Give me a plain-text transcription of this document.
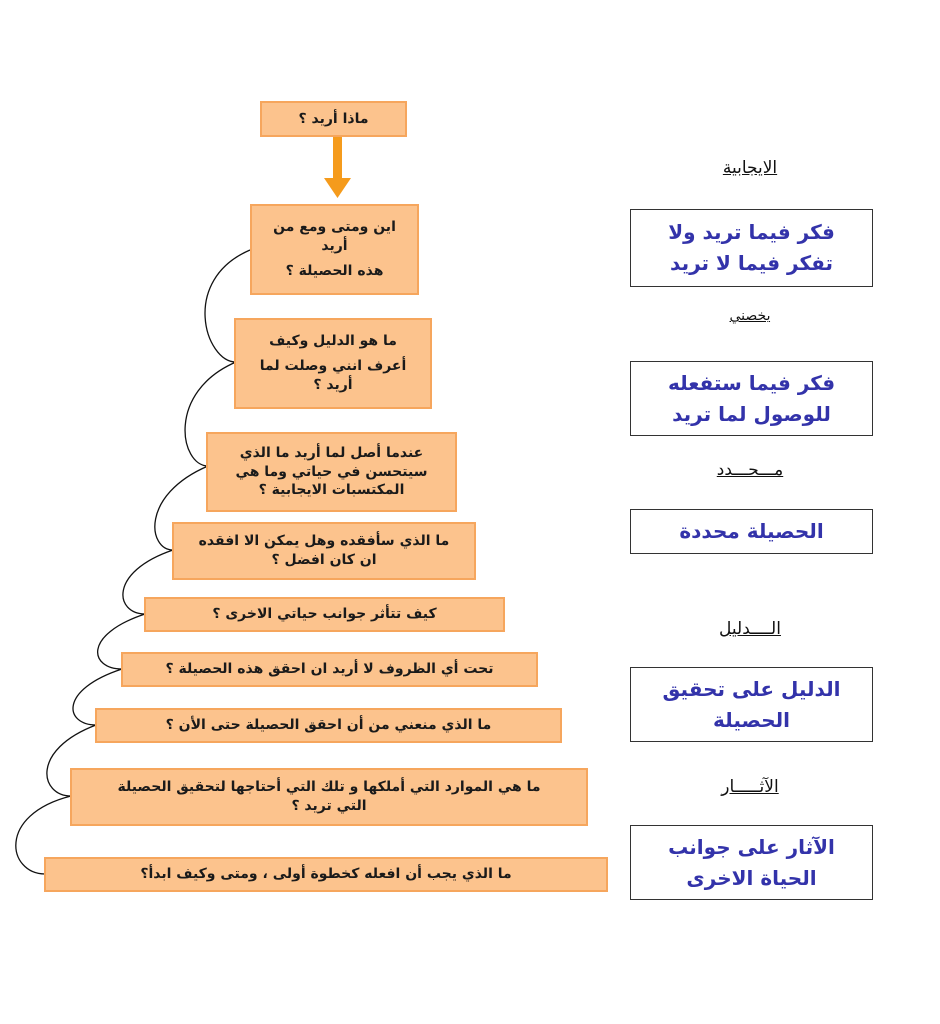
ماذا أريد ؟
اين ومتى ومع من
أريد
هذه الحصيلة ؟
ما هو الدليل وكيف
أعرف انني وصلت لما
أريد ؟
عندما أصل لما أريد ما الذي
سيتحسن في حياتي وما هي
المكتسبات الايجابية ؟
ما الذي سأفقده وهل يمكن الا افقده
ان كان افضل ؟
كيف تتأثر جوانب حياتي الاخرى ؟
تحت أي الظروف لا أريد ان احقق هذه الحصيلة ؟
ما الذي منعني من أن احقق الحصيلة حتى الأن ؟
ما هي الموارد التي أملكها و تلك التي أحتاجها لتحقيق الحصيلة
التي تريد ؟
ما الذي يجب أن افعله كخطوة أولى ، ومتى وكيف ابدأ؟
الايجابية
فكر فيما تريد ولا
تفكر فيما لا تريد
يخصني
فكر فيما ستفعله
للوصول لما تريد
مـــحـــدد
الحصيلة محددة
الــــدليل
الدليل على تحقيق
الحصيلة
الآثـــــار
الآثار على جوانب
الحياة الاخرى
